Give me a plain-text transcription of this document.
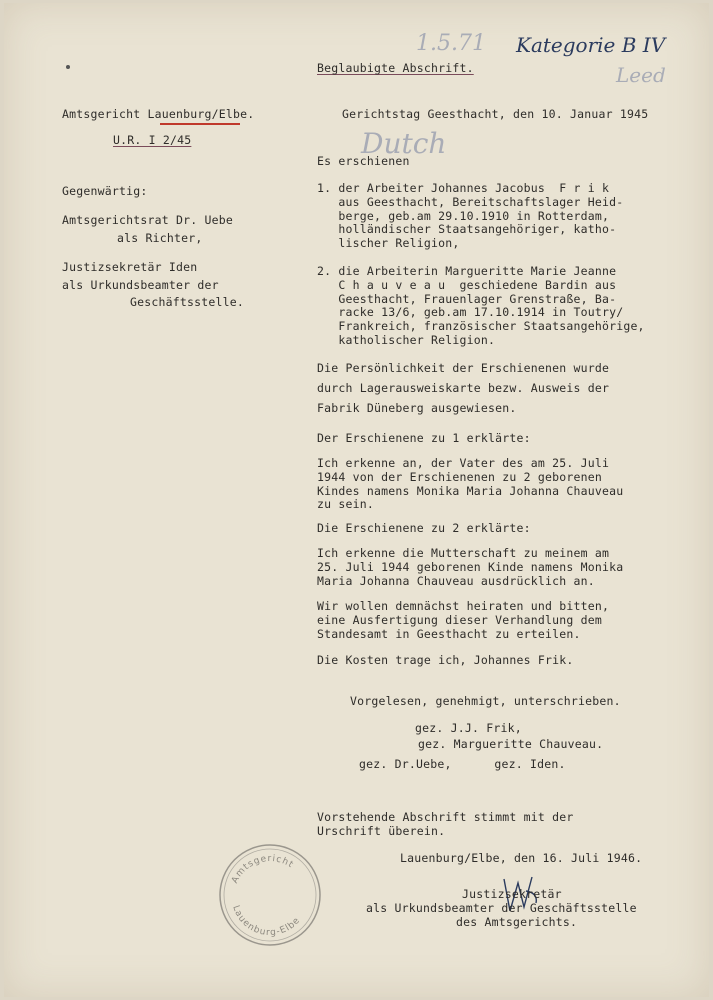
1.5.71 Kategorie B IV
Leed
Dutch
Beglaubigte Abschrift.
Amtsgericht Lauenburg/Elbe.
U.R. I 2/45
Gerichtstag Geesthacht, den 10. Januar 1945
Gegenwärtig:
Amtsgerichtsrat Dr. Uebe
als Richter,
Justizsekretär Iden
als Urkundsbeamter der
Geschäftsstelle.
Es erschienen
1. der Arbeiter Johannes Jacobus  F r i k
aus Geesthacht, Bereitschaftslager Heid-
berge, geb.am 29.10.1910 in Rotterdam,
holländischer Staatsangehöriger, katho-
lischer Religion,
2. die Arbeiterin Margueritte Marie Jeanne
C h a u v e a u  geschiedene Bardin aus
Geesthacht, Frauenlager Grenstraße, Ba-
racke 13/6, geb.am 17.10.1914 in Toutry/
Frankreich, französischer Staatsangehörige,
katholischer Religion.
Die Persönlichkeit der Erschienenen wurde
durch Lagerausweiskarte bezw. Ausweis der
Fabrik Düneberg ausgewiesen.
Der Erschienene zu 1 erklärte:
Ich erkenne an, der Vater des am 25. Juli
1944 von der Erschienenen zu 2 geborenen
Kindes namens Monika Maria Johanna Chauveau
zu sein.
Die Erschienene zu 2 erklärte:
Ich erkenne die Mutterschaft zu meinem am
25. Juli 1944 geborenen Kinde namens Monika
Maria Johanna Chauveau ausdrücklich an.
Wir wollen demnächst heiraten und bitten,
eine Ausfertigung dieser Verhandlung dem
Standesamt in Geesthacht zu erteilen.
Die Kosten trage ich, Johannes Frik.
Vorgelesen, genehmigt, unterschrieben.
gez. J.J. Frik,
gez. Margueritte Chauveau.
gez. Dr.Uebe,      gez. Iden.
Vorstehende Abschrift stimmt mit der
Urschrift überein.
Lauenburg/Elbe, den 16. Juli 1946.
Justizsekretär
als Urkundsbeamter der Geschäftsstelle
des Amtsgerichts.
Amtsgericht
Lauenburg-Elbe
